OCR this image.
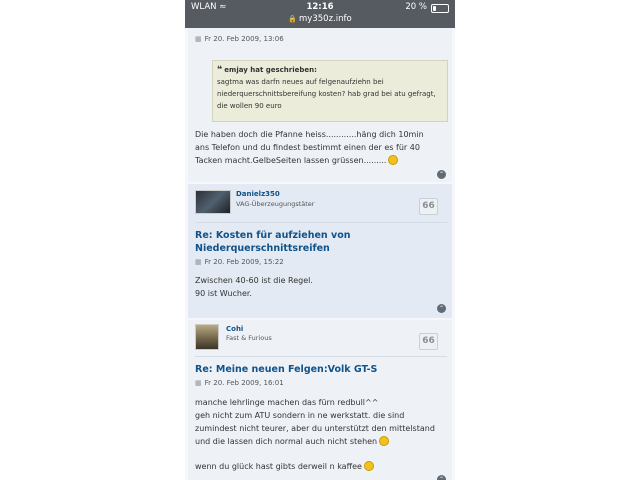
WLAN ≈	12:16	20 %
🔒 my350z.info
▦ Fr 20. Feb 2009, 13:06
❝ emjay hat geschrieben:
sagtma was darfn neues auf felgenaufziehn bei niederquerschnittsbereifung kosten? hab grad bei atu gefragt, die wollen 90 euro
Die haben doch die Pfanne heiss............häng dich 10min ans Telefon und du findest bestimmt einen der es für 40 Tacken macht.GelbeSeiten lassen grüssen.........
⌃
Danielz350
VAG-Überzeugungstäter	66
Re: Kosten für aufziehen von Niederquerschnittsreifen
▦ Fr 20. Feb 2009, 15:22
Zwischen 40-60 ist die Regel.
90 ist Wucher.
⌃
Cohi
Fast & Furious	66
Re: Meine neuen Felgen:Volk GT-S
▦ Fr 20. Feb 2009, 16:01
manche lehrlinge machen das fürn redbull^^
geh nicht zum ATU sondern in ne werkstatt. die sind zumindest nicht teurer, aber du unterstützt den mittelstand und die lassen dich normal auch nicht stehen
wenn du glück hast gibts derweil n kaffee
⌃
